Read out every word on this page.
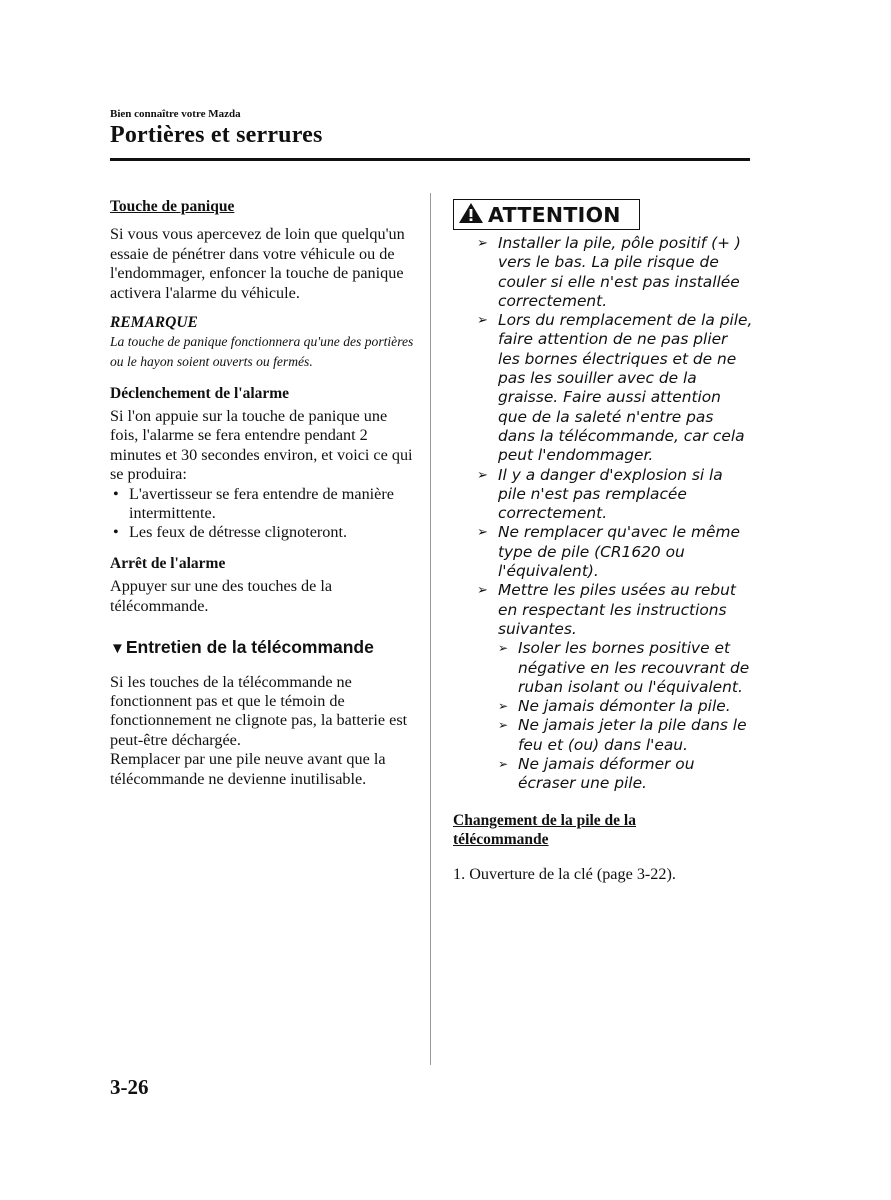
Bien connaître votre Mazda
Portières et serrures

Touche de panique

Si vous vous apercevez de loin que quelqu'un essaie de pénétrer dans votre véhicule ou de l'endommager, enfoncer la touche de panique activera l'alarme du véhicule.

REMARQUE

La touche de panique fonctionnera qu'une des portières ou le hayon soient ouverts ou fermés.

Déclenchement de l'alarme

Si l'on appuie sur la touche de panique une fois, l'alarme se fera entendre pendant 2 minutes et 30 secondes environ, et voici ce qui se produira:

• L'avertisseur se fera entendre de manière intermittente.
• Les feux de détresse clignoteront.

Arrêt de l'alarme

Appuyer sur une des touches de la télécommande.

▼Entretien de la télécommande

Si les touches de la télécommande ne fonctionnent pas et que le témoin de fonctionnement ne clignote pas, la batterie est peut-être déchargée.

Remplacer par une pile neuve avant que la télécommande ne devienne inutilisable.

ATTENTION
➢ Installer la pile, pôle positif (+ ) vers le bas. La pile risque de couler si elle n'est pas installée correctement.
➢ Lors du remplacement de la pile, faire attention de ne pas plier les bornes électriques et de ne pas les souiller avec de la graisse. Faire aussi attention que de la saleté n'entre pas dans la télécommande, car cela peut l'endommager.
➢ Il y a danger d'explosion si la pile n'est pas remplacée correctement.
➢ Ne remplacer qu'avec le même type de pile (CR1620 ou l'équivalent).
➢ Mettre les piles usées au rebut en respectant les instructions suivantes.
➢ Isoler les bornes positive et négative en les recouvrant de ruban isolant ou l'équivalent.
➢ Ne jamais démonter la pile.
➢ Ne jamais jeter la pile dans le feu et (ou) dans l'eau.
➢ Ne jamais déformer ou écraser une pile.

Changement de la pile de la télécommande

1. Ouverture de la clé (page 3-22).

3-26
